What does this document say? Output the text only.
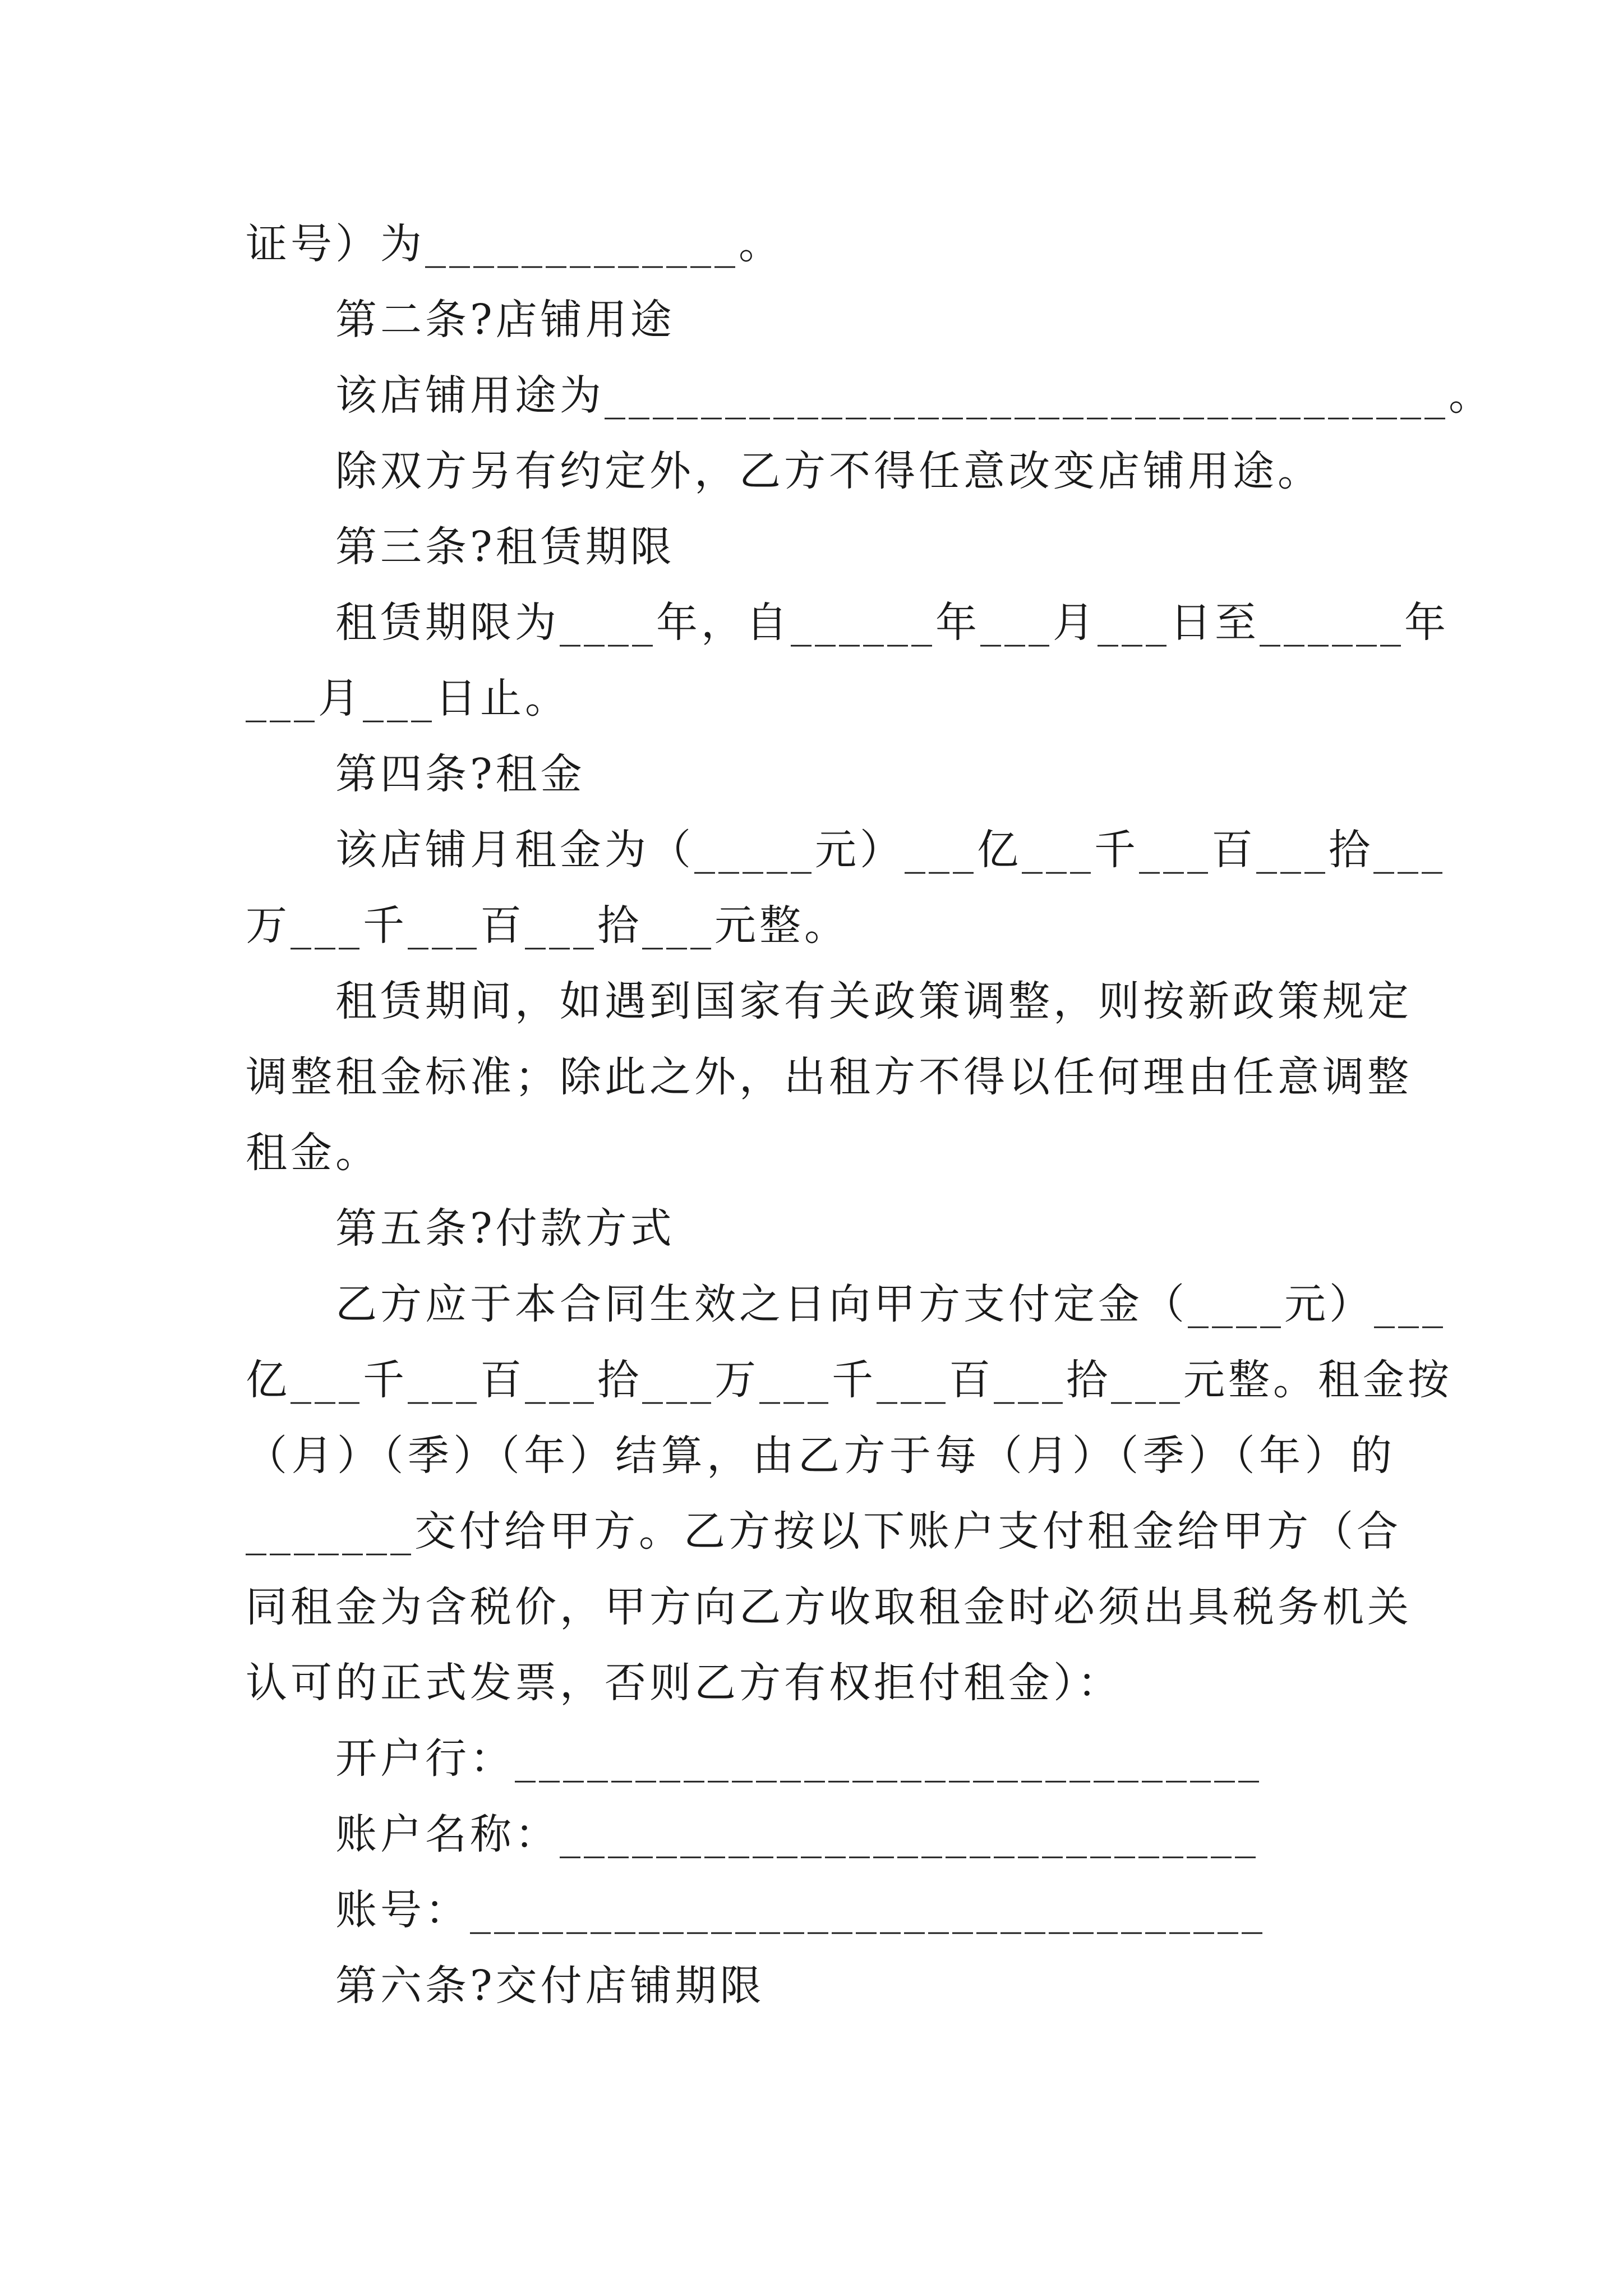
证号）为_____________。
第二条?店铺用途
该店铺用途为___________________________________。
除双方另有约定外，乙方不得任意改变店铺用途。
第三条?租赁期限
租赁期限为____年，自______年___月___日至______年
___月___日止。
第四条?租金
该店铺月租金为（_____元）___亿___千___百___拾___
万___千___百___拾___元整。
租赁期间，如遇到国家有关政策调整，则按新政策规定
调整租金标准；除此之外，出租方不得以任何理由任意调整
租金。
第五条?付款方式
乙方应于本合同生效之日向甲方支付定金（____元）___
亿___千___百___拾___万___千___百___拾___元整。租金按
（月）（季）（年）结算，由乙方于每（月）（季）（年）的
_______交付给甲方。乙方按以下账户支付租金给甲方（合
同租金为含税价，甲方向乙方收取租金时必须出具税务机关
认可的正式发票，否则乙方有权拒付租金）：
开户行：_______________________________
账户名称：_____________________________
账号：_________________________________
第六条?交付店铺期限
